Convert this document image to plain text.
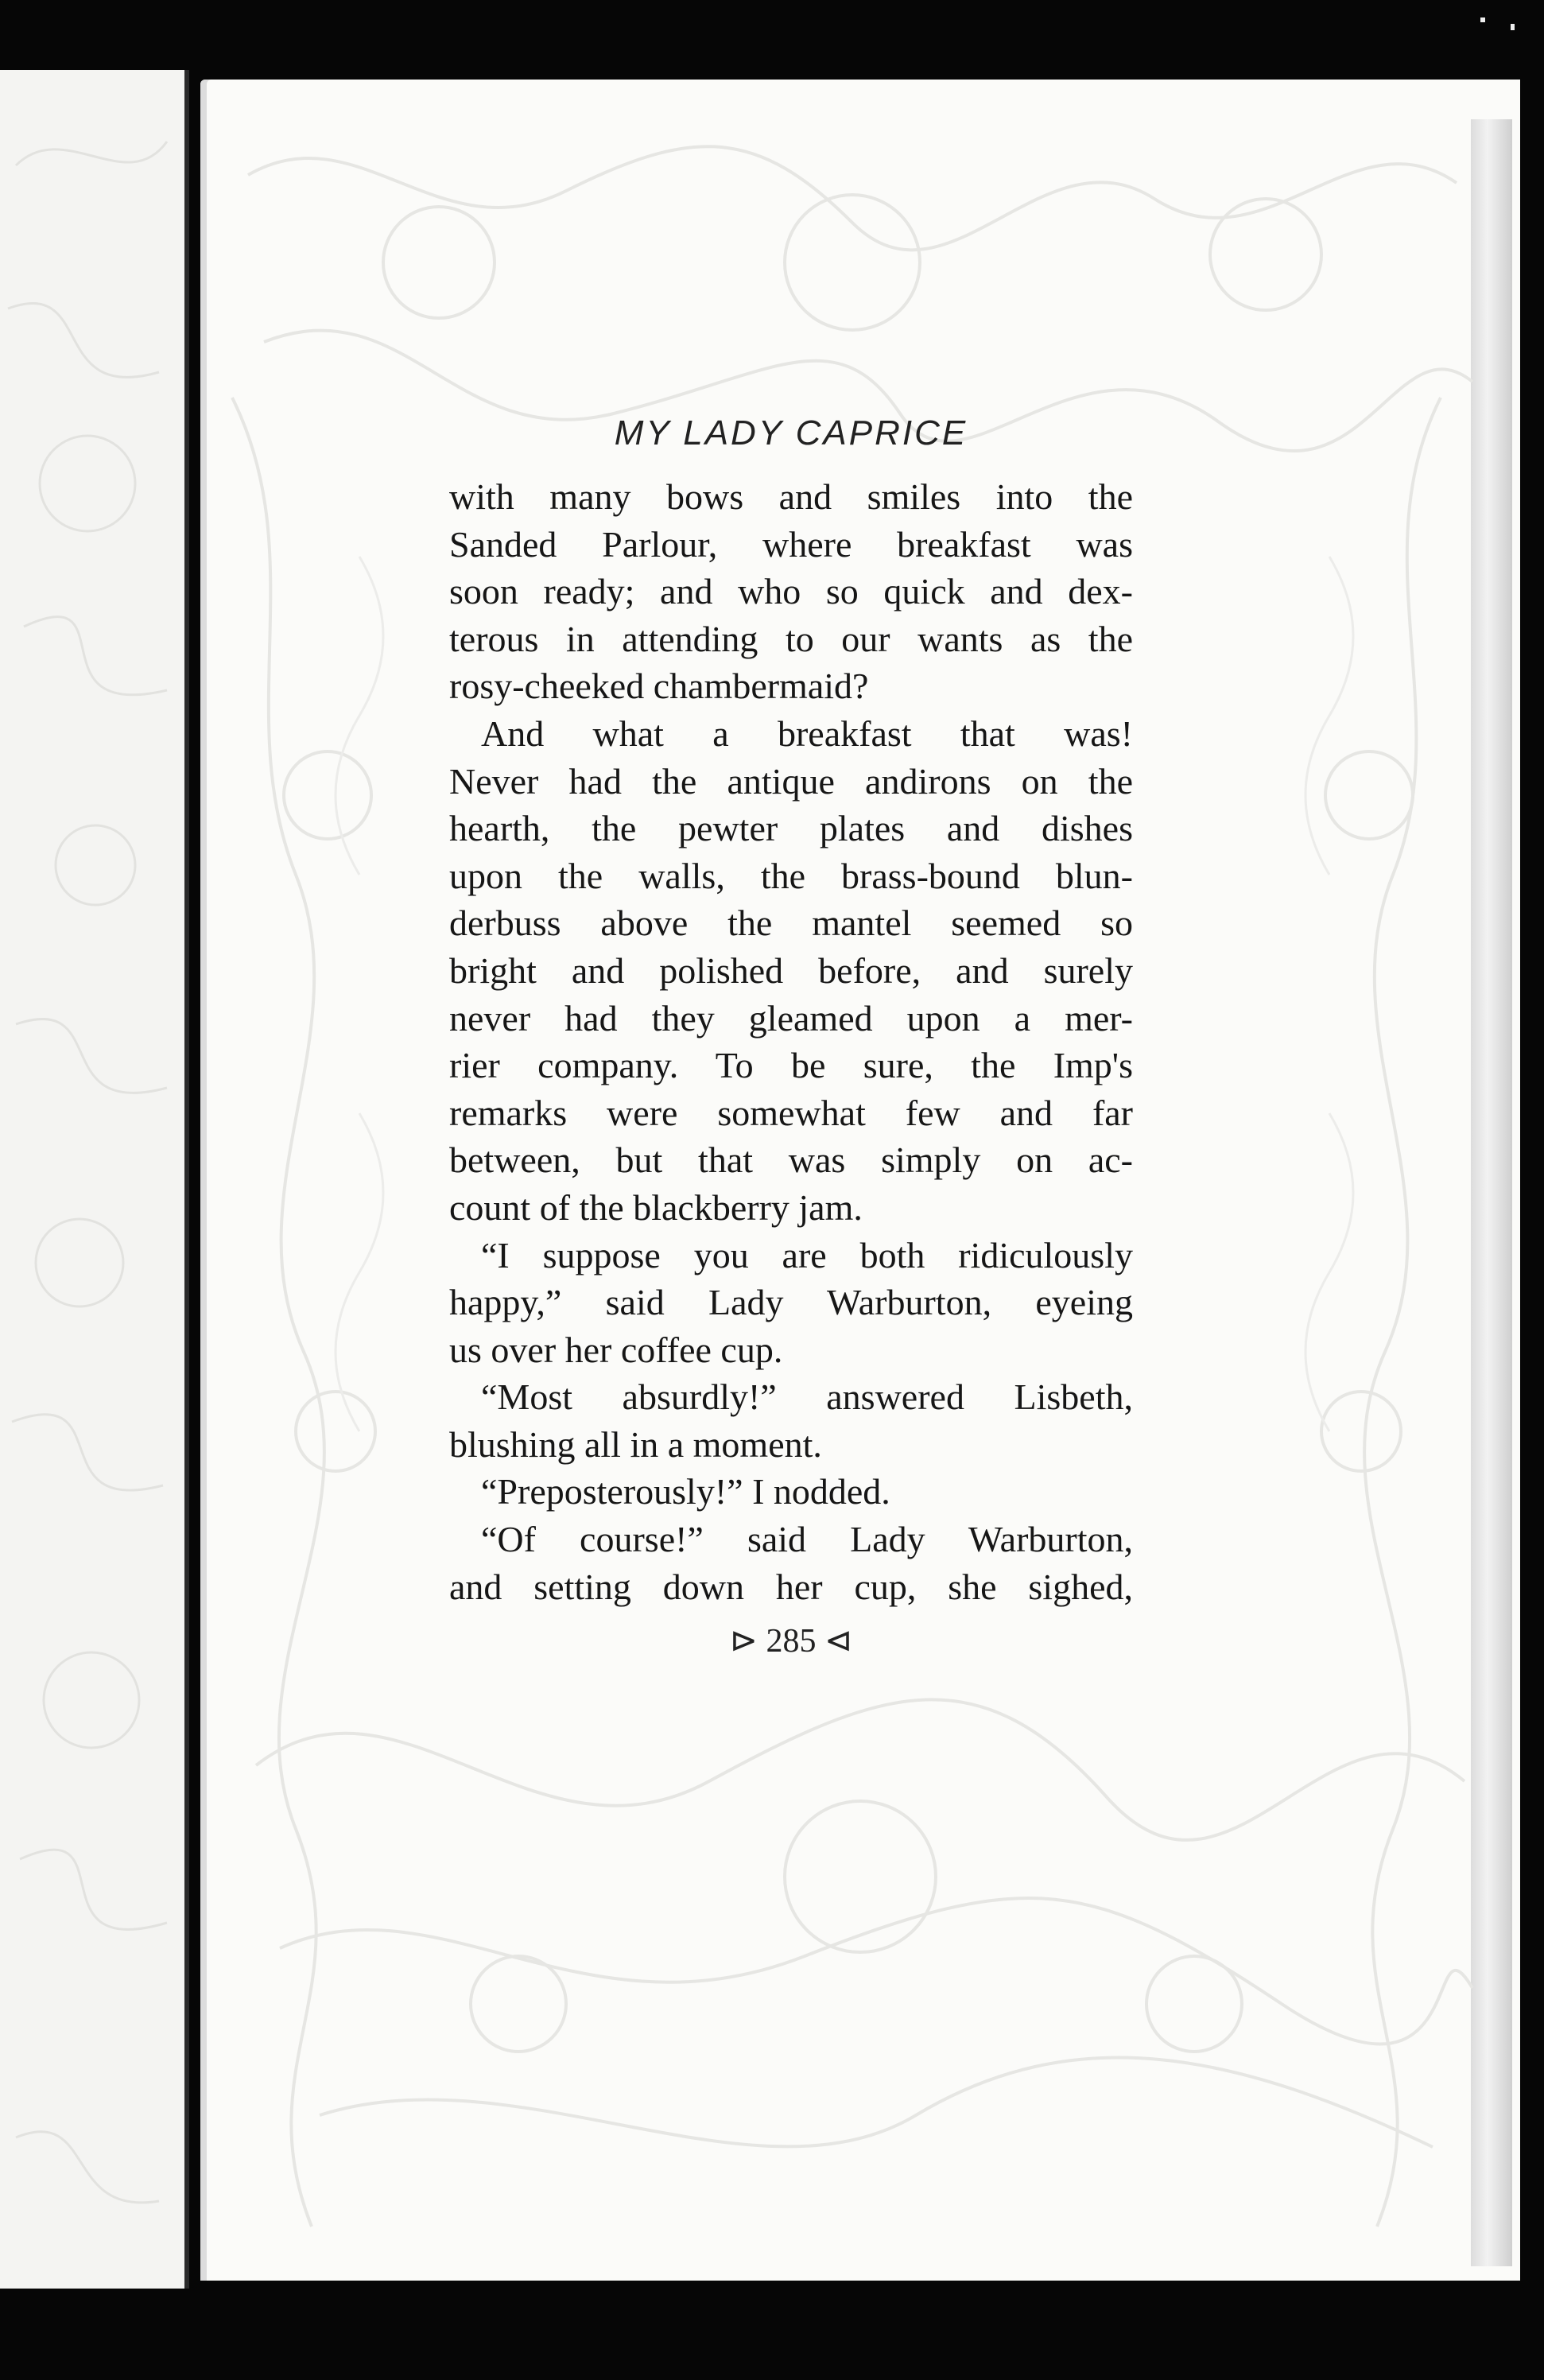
MY LADY CAPRICE
with many bows and smiles into the
Sanded Parlour, where breakfast was
soon ready; and who so quick and dex-
terous in attending to our wants as the
rosy-cheeked chambermaid?
And what a breakfast that was!
Never had the antique andirons on the
hearth, the pewter plates and dishes
upon the walls, the brass-bound blun-
derbuss above the mantel seemed so
bright and polished before, and surely
never had they gleamed upon a mer-
rier company. To be sure, the Imp's
remarks were somewhat few and far
between, but that was simply on ac-
count of the blackberry jam.
“I suppose you are both ridiculously
happy,” said Lady Warburton, eyeing
us over her coffee cup.
“Most absurdly!” answered Lisbeth,
blushing all in a moment.
“Preposterously!” I nodded.
“Of course!” said Lady Warburton,
and setting down her cup, she sighed,
⊳ 285 ⊲
